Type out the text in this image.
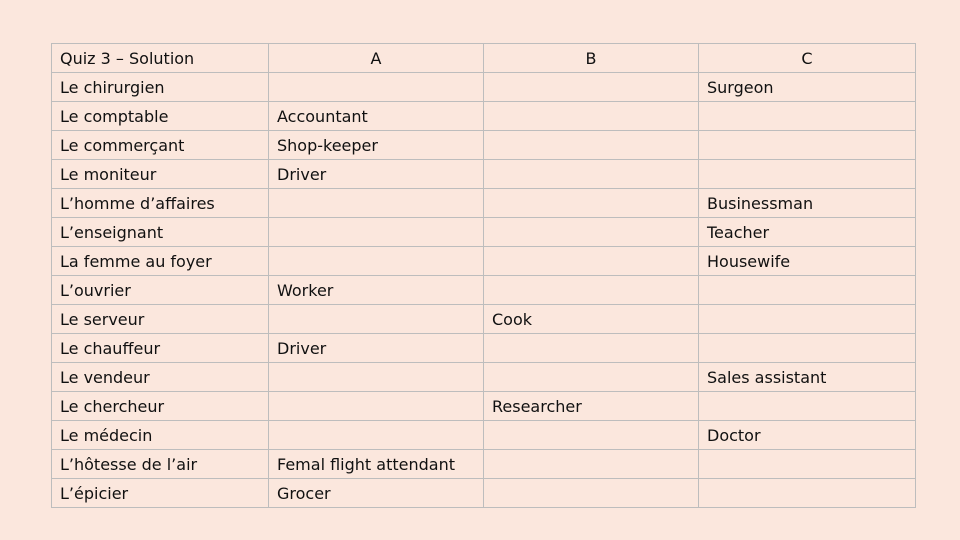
Quiz 3 – Solution	A	B	C
Le chirurgien			Surgeon
Le comptable	Accountant		
Le commerçant	Shop-keeper		
Le moniteur	Driver		
L’homme d’affaires			Businessman
L’enseignant			Teacher
La femme au foyer			Housewife
L’ouvrier	Worker		
Le serveur		Cook	
Le chauffeur	Driver		
Le vendeur			Sales assistant
Le chercheur		Researcher	
Le médecin			Doctor
L’hôtesse de l’air	Femal flight attendant		
L’épicier	Grocer		
